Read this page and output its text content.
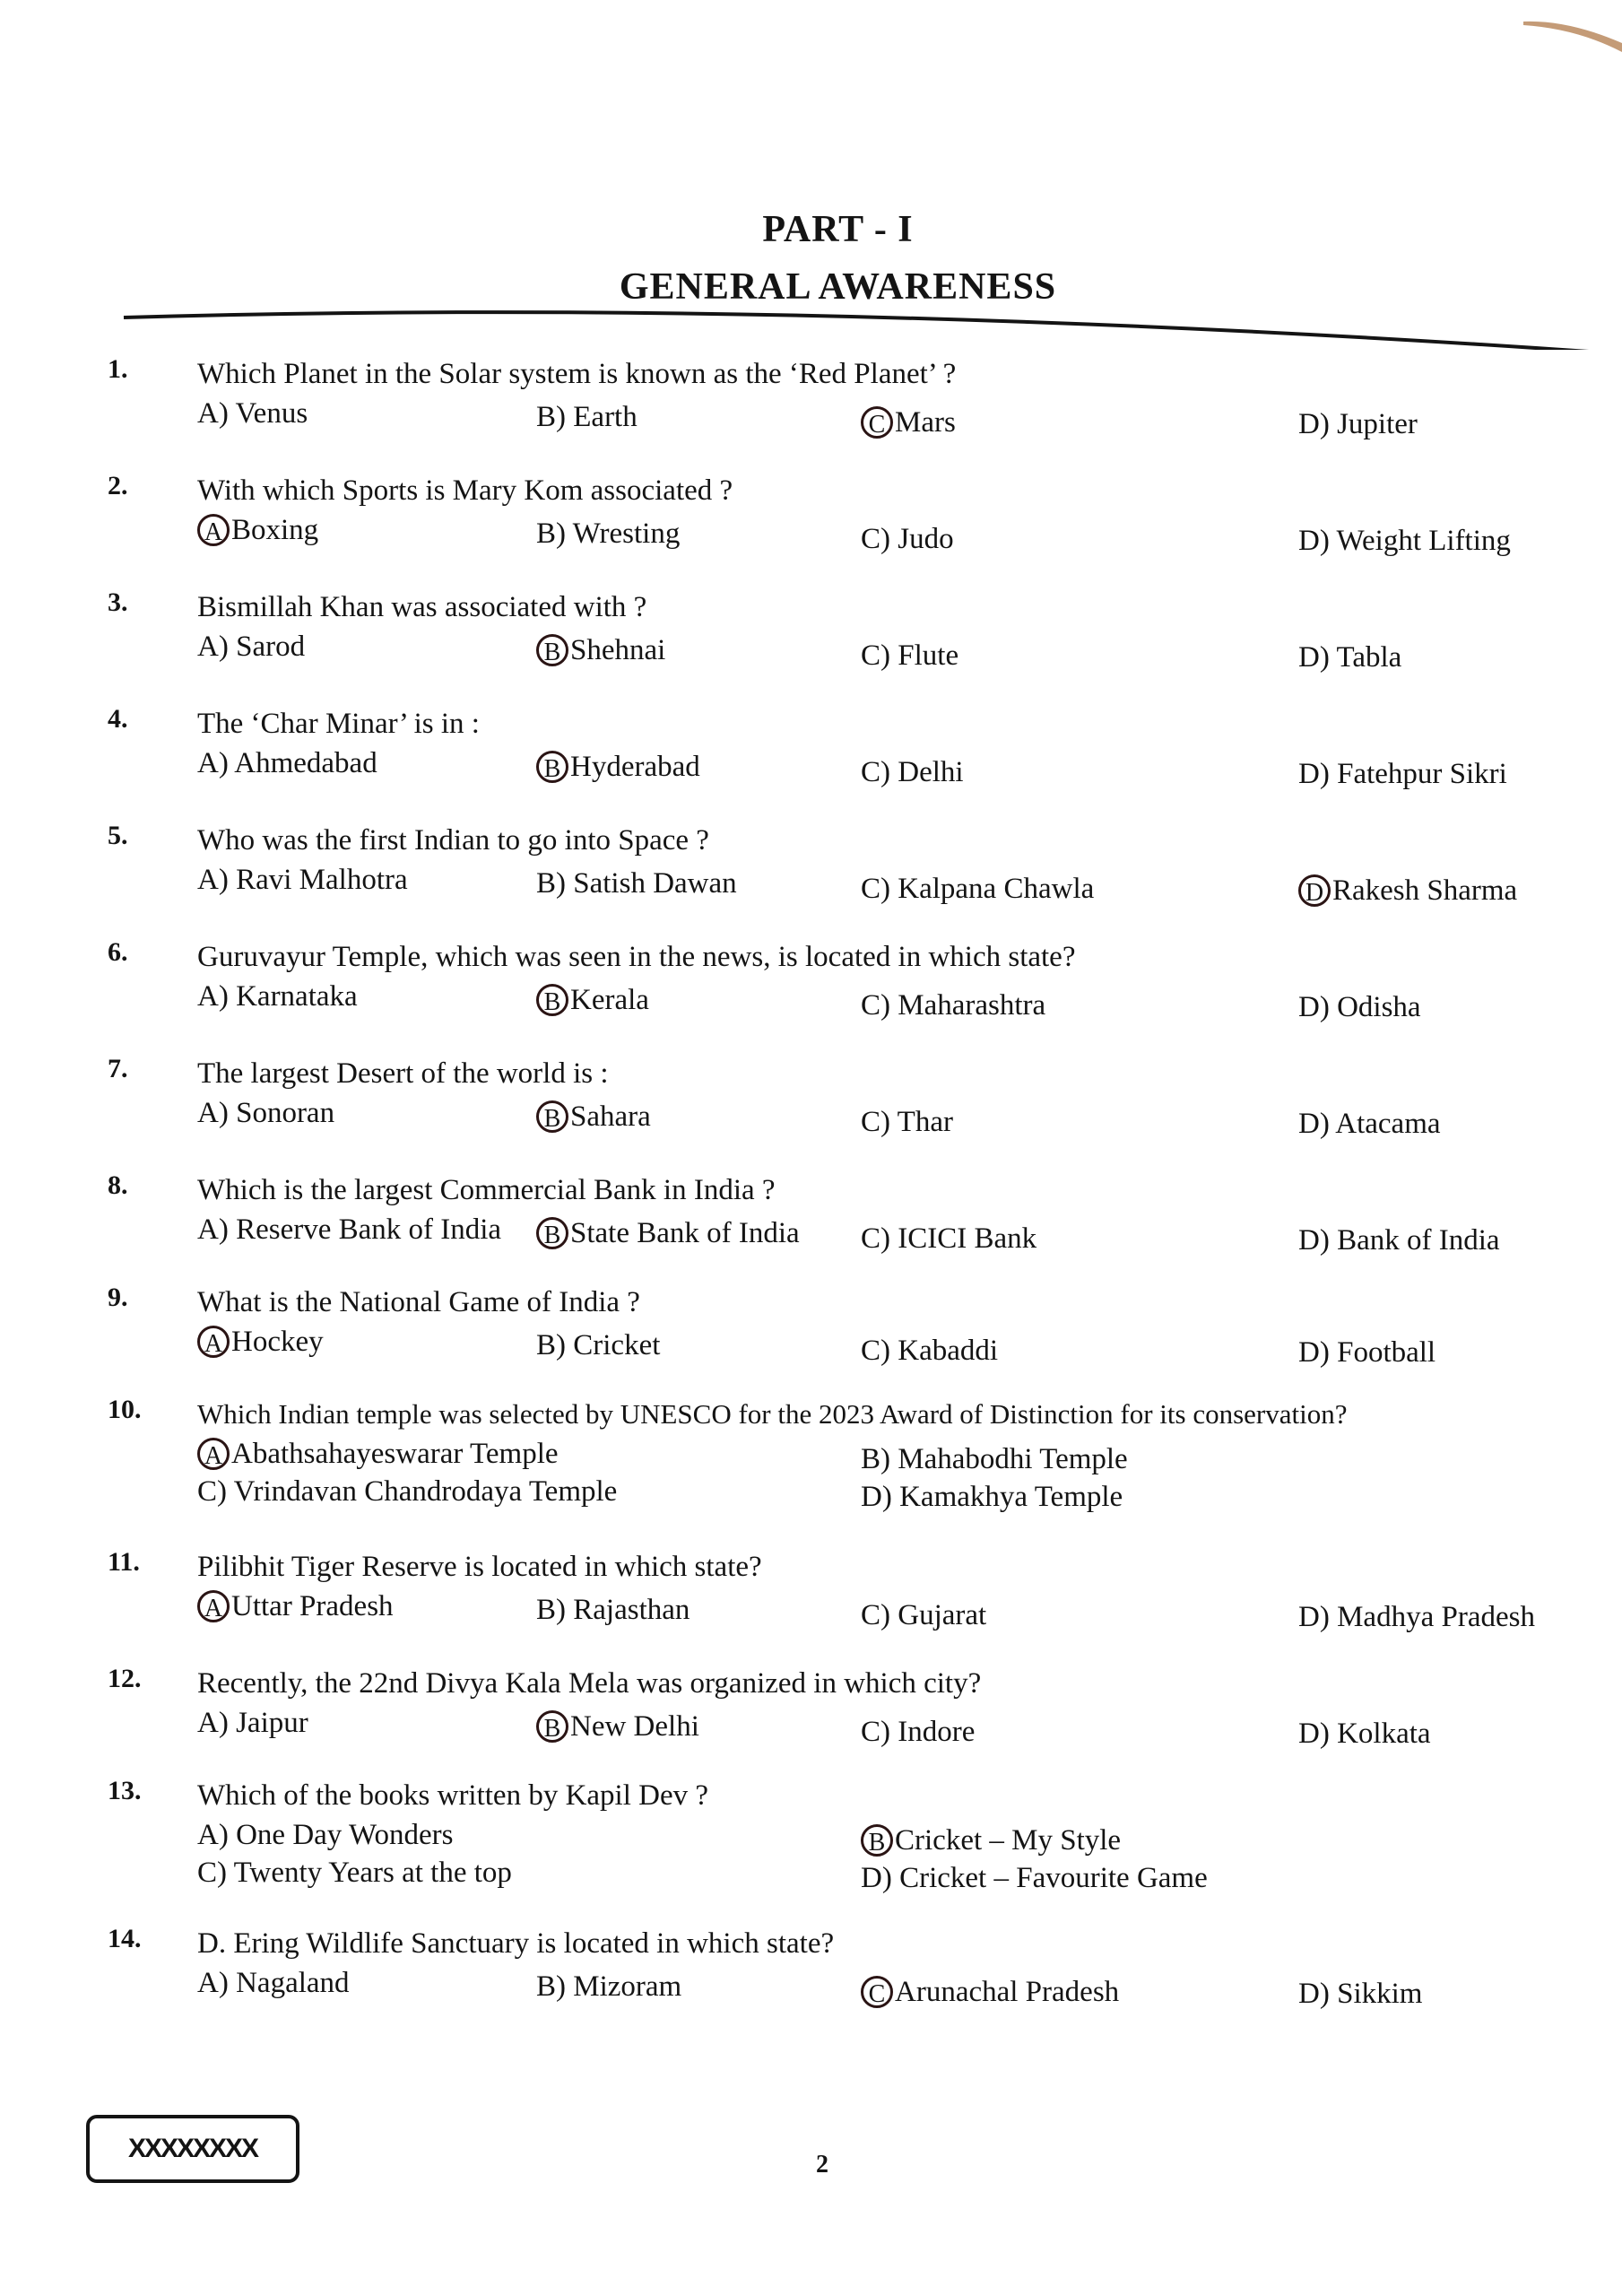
PART - I
GENERAL AWARENESS
1. Which Planet in the Solar system is known as the ‘Red Planet’ ?
A) Venus	B) Earth	C Mars	D) Jupiter
2. With which Sports is Mary Kom associated ?
A Boxing	B) Wresting	C) Judo	D) Weight Lifting
3. Bismillah Khan was associated with ?
A) Sarod	B Shehnai	C) Flute	D) Tabla
4. The ‘Char Minar’ is in :
A) Ahmedabad	B Hyderabad	C) Delhi	D) Fatehpur Sikri
5. Who was the first Indian to go into Space ?
A) Ravi Malhotra	B) Satish Dawan	C) Kalpana Chawla	D Rakesh Sharma
6. Guruvayur Temple, which was seen in the news, is located in which state?
A) Karnataka	B Kerala	C) Maharashtra	D) Odisha
7. The largest Desert of the world is :
A) Sonoran	B Sahara	C) Thar	D) Atacama
8. Which is the largest Commercial Bank in India ?
A) Reserve Bank of India	B State Bank of India C) ICICI Bank	D) Bank of India
9. What is the National Game of India ?
A Hockey	B) Cricket	C) Kabaddi	D) Football
10. Which Indian temple was selected by UNESCO for the 2023 Award of Distinction for its conservation?
A Abathsahayeswarar Temple	B) Mahabodhi Temple
C) Vrindavan Chandrodaya Temple	D) Kamakhya Temple
11. Pilibhit Tiger Reserve is located in which state?
A Uttar Pradesh	B) Rajasthan	C) Gujarat	D) Madhya Pradesh
12. Recently, the 22nd Divya Kala Mela was organized in which city?
A) Jaipur	B New Delhi	C) Indore	D) Kolkata
13. Which of the books written by Kapil Dev ?
A) One Day Wonders	B Cricket – My Style
C) Twenty Years at the top	D) Cricket – Favourite Game
14. D. Ering Wildlife Sanctuary is located in which state?
A) Nagaland	B) Mizoram	C Arunachal Pradesh	D) Sikkim
XXXXXXXX
2
